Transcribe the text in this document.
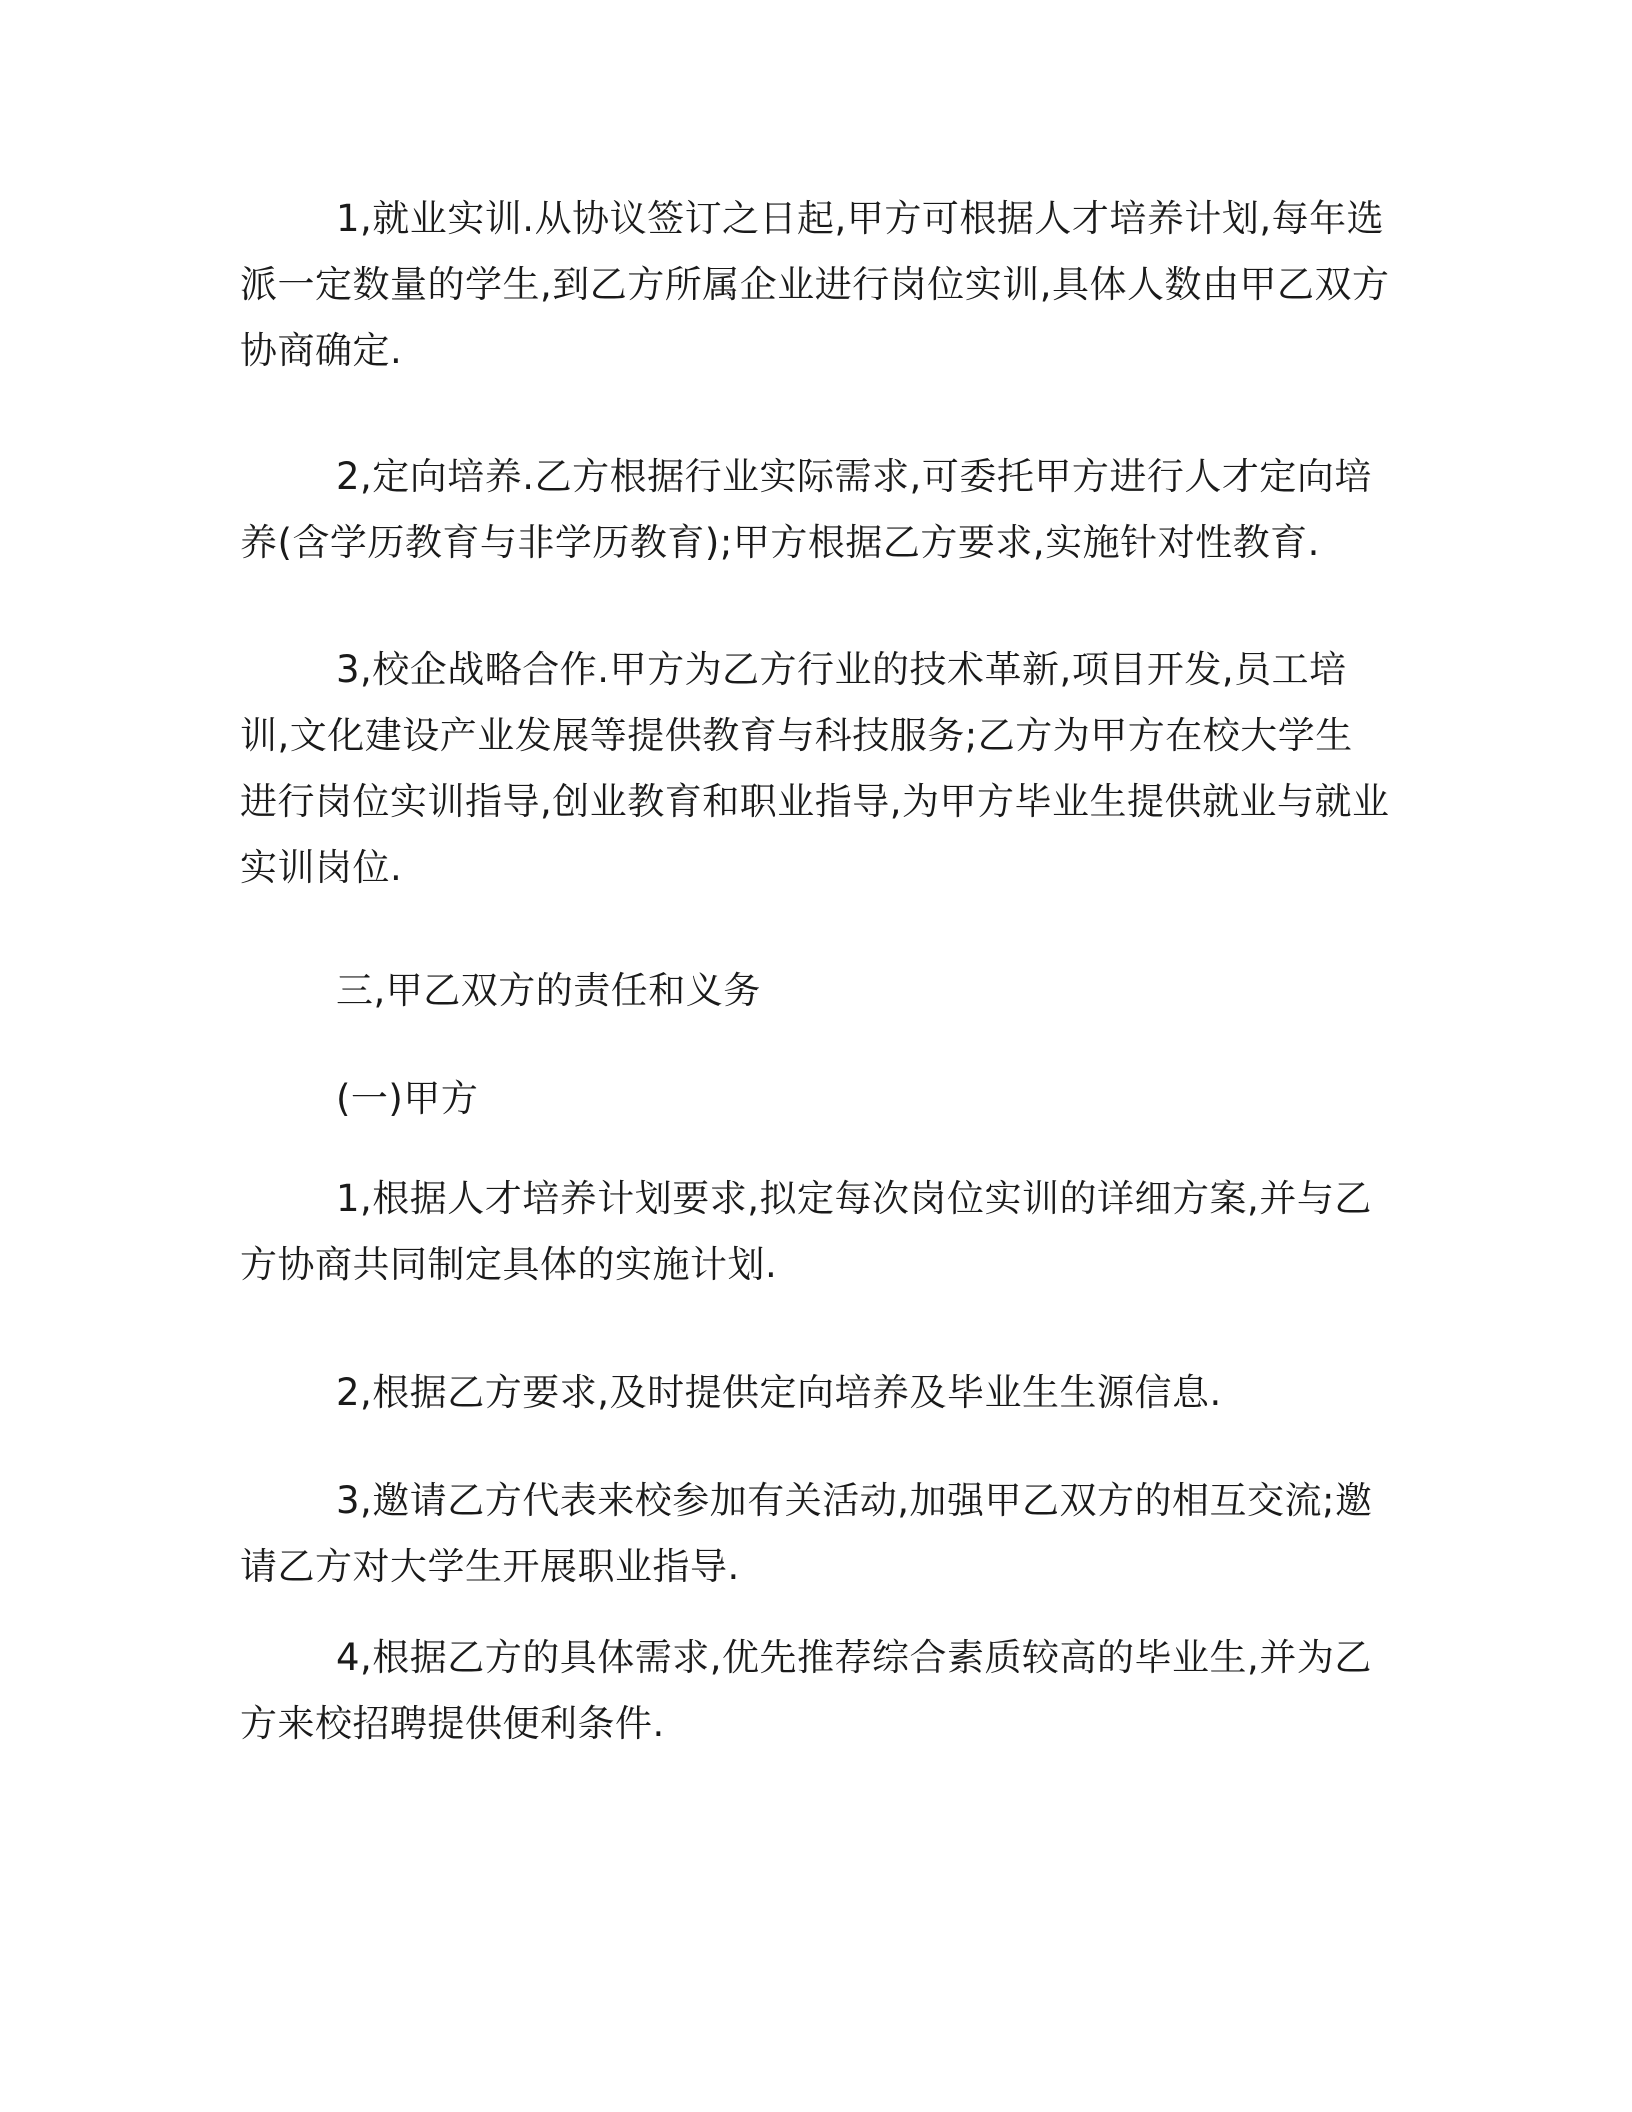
1,就业实训.从协议签订之日起,甲方可根据人才培养计划,每年选派一定数量的学生,到乙方所属企业进行岗位实训,具体人数由甲乙双方协商确定.

2,定向培养.乙方根据行业实际需求,可委托甲方进行人才定向培养(含学历教育与非学历教育);甲方根据乙方要求,实施针对性教育.

3,校企战略合作.甲方为乙方行业的技术革新,项目开发,员工培训,文化建设产业发展等提供教育与科技服务;乙方为甲方在校大学生进行岗位实训指导,创业教育和职业指导,为甲方毕业生提供就业与就业实训岗位.

三,甲乙双方的责任和义务

(一)甲方

1,根据人才培养计划要求,拟定每次岗位实训的详细方案,并与乙方协商共同制定具体的实施计划.

2,根据乙方要求,及时提供定向培养及毕业生生源信息.

3,邀请乙方代表来校参加有关活动,加强甲乙双方的相互交流;邀请乙方对大学生开展职业指导.

4,根据乙方的具体需求,优先推荐综合素质较高的毕业生,并为乙方来校招聘提供便利条件.
